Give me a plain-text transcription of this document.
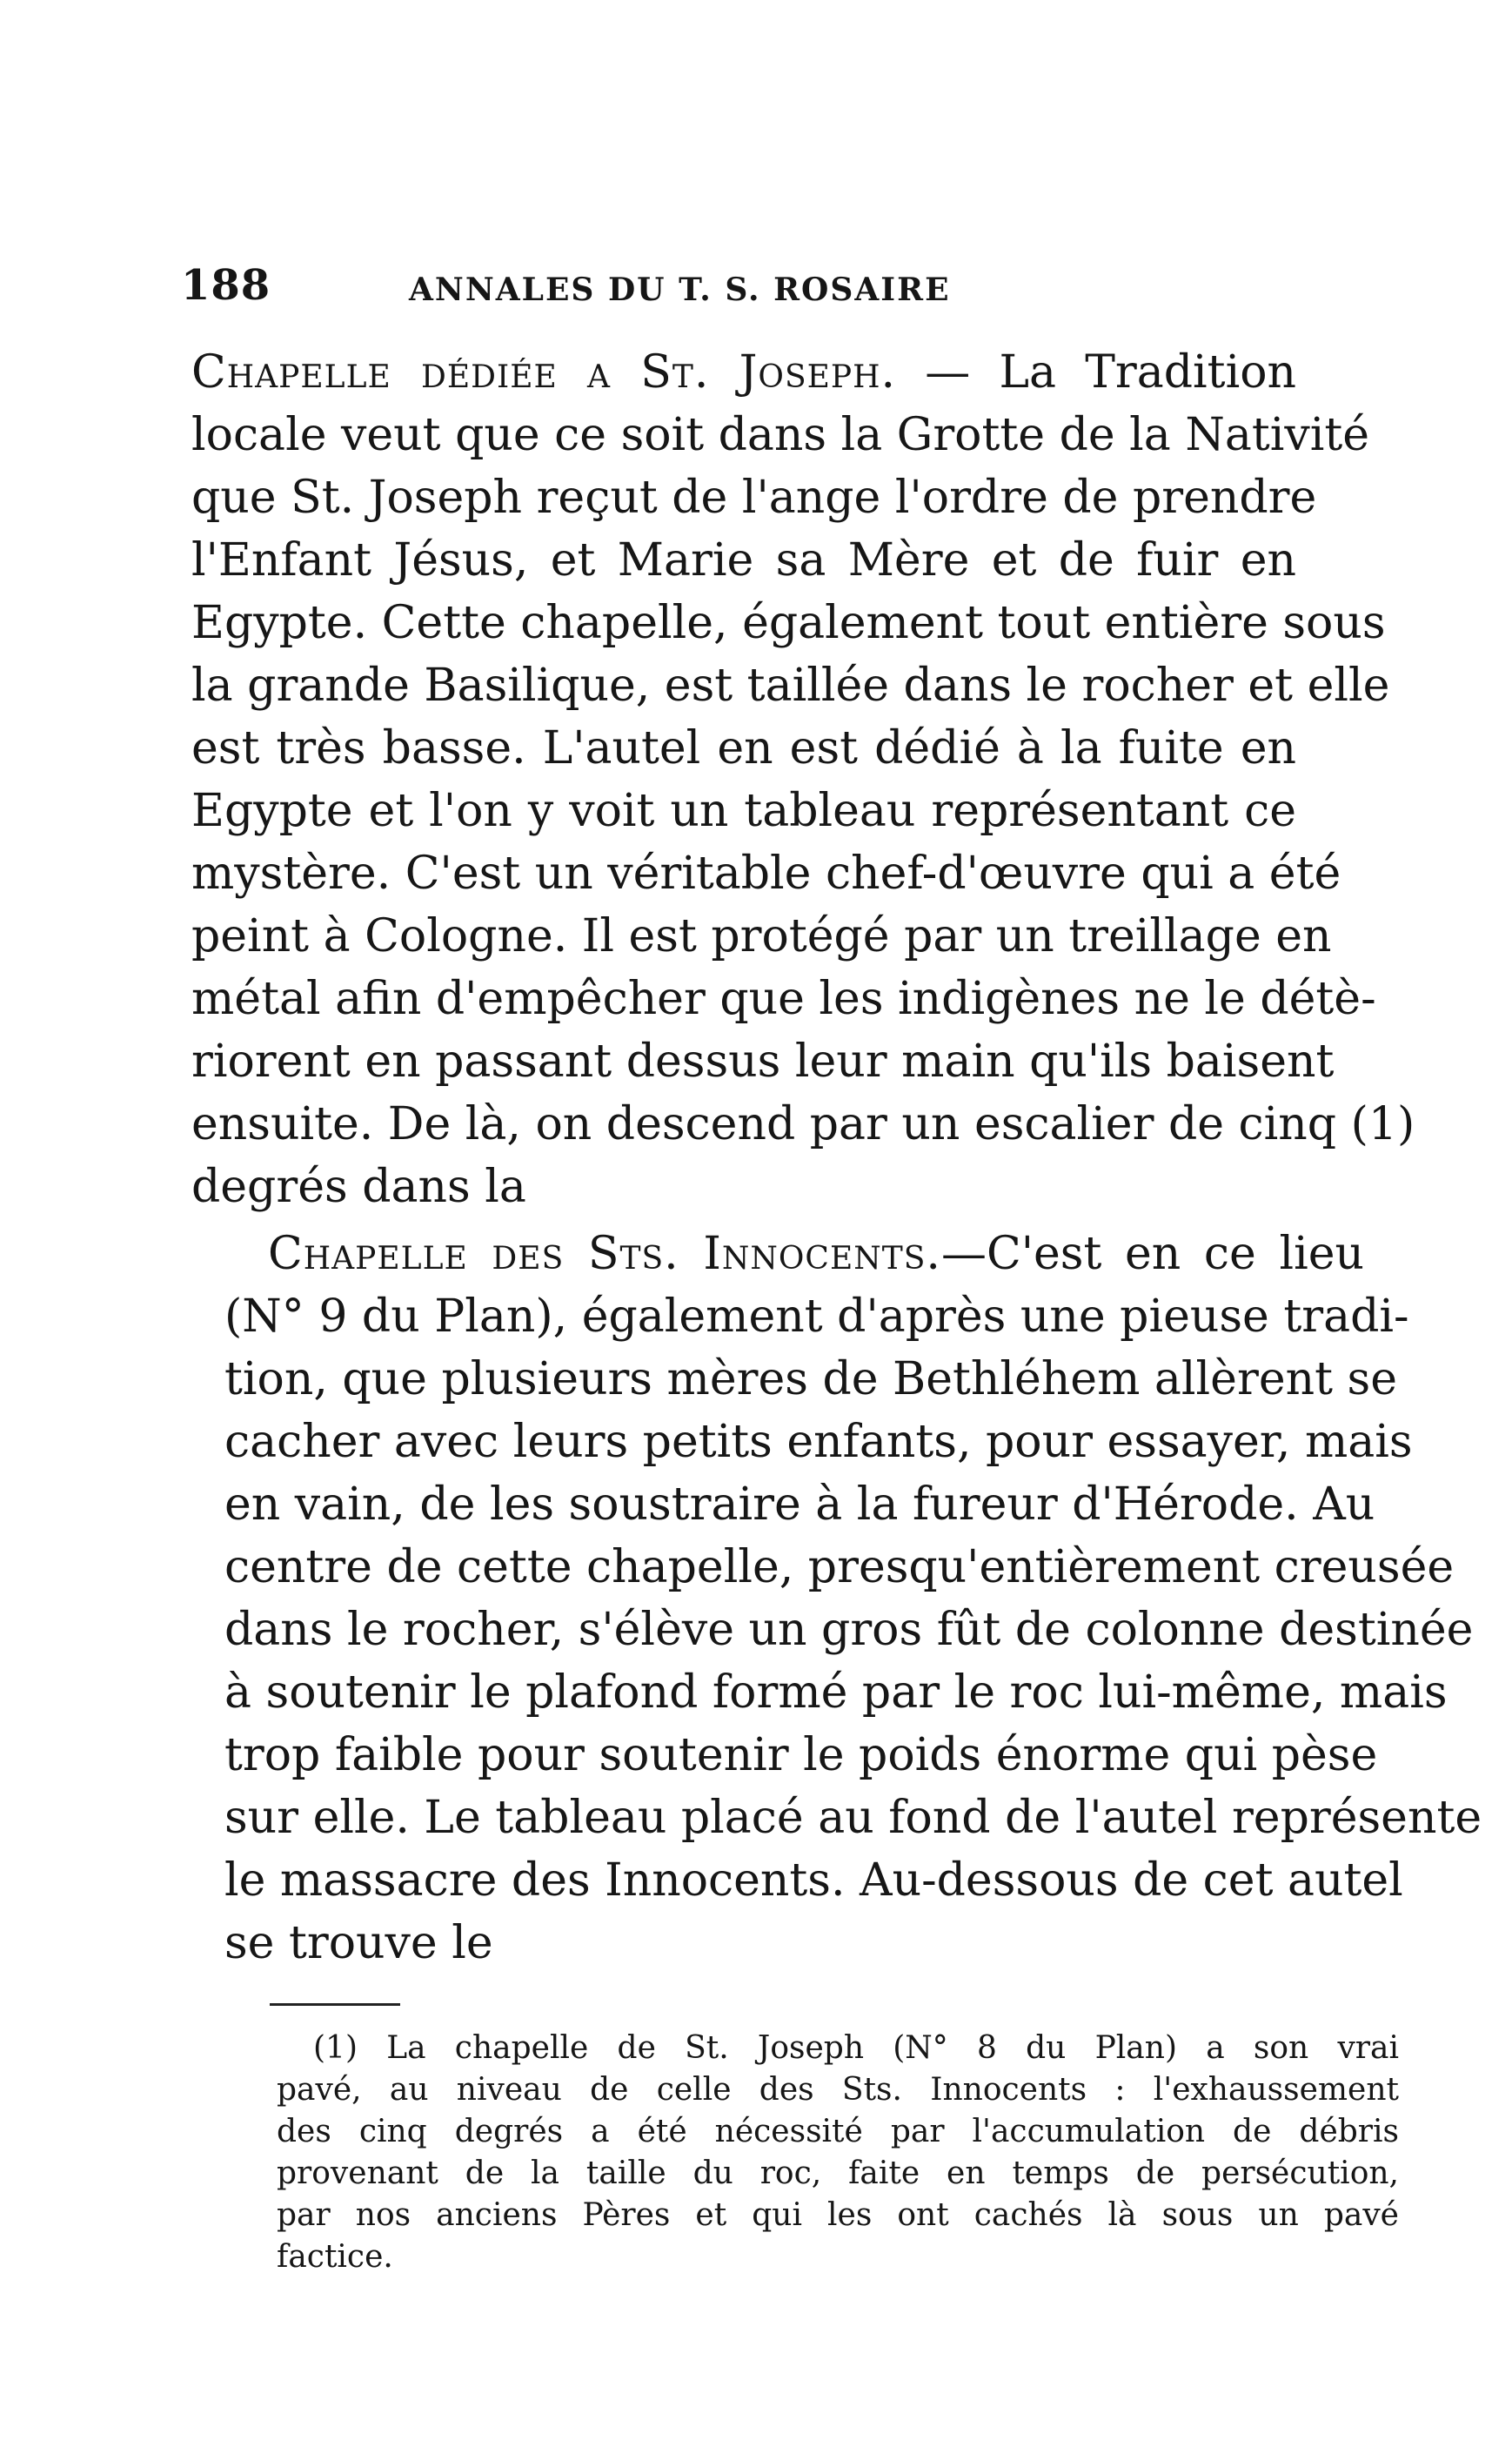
188	ANNALES DU T. S. ROSAIRE
Chapelle dédiée a St. Joseph. — La Tradition
locale veut que ce soit dans la Grotte de la Nativité
que St. Joseph reçut de l'ange l'ordre de prendre
l'Enfant Jésus, et Marie sa Mère et de fuir en
Egypte. Cette chapelle, également tout entière sous
la grande Basilique, est taillée dans le rocher et elle
est très basse. L'autel en est dédié à la fuite en
Egypte et l'on y voit un tableau représentant ce
mystère. C'est un véritable chef-d'œuvre qui a été
peint à Cologne. Il est protégé par un treillage en
métal afin d'empêcher que les indigènes ne le détè-
riorent en passant dessus leur main qu'ils baisent
ensuite. De là, on descend par un escalier de cinq (1)
degrés dans la
Chapelle des Sts. Innocents.—C'est en ce lieu
(N° 9 du Plan), également d'après une pieuse tradi-
tion, que plusieurs mères de Bethléhem allèrent se
cacher avec leurs petits enfants, pour essayer, mais
en vain, de les soustraire à la fureur d'Hérode. Au
centre de cette chapelle, presqu'entièrement creusée
dans le rocher, s'élève un gros fût de colonne destinée
à soutenir le plafond formé par le roc lui-même, mais
trop faible pour soutenir le poids énorme qui pèse
sur elle. Le tableau placé au fond de l'autel représente
le massacre des Innocents. Au-dessous de cet autel
se trouve le
(1) La chapelle de St. Joseph (N° 8 du Plan) a son vrai
pavé, au niveau de celle des Sts. Innocents : l'exhaussement
des cinq degrés a été nécessité par l'accumulation de débris
provenant de la taille du roc, faite en temps de persécution,
par nos anciens Pères et qui les ont cachés là sous un pavé
factice.
